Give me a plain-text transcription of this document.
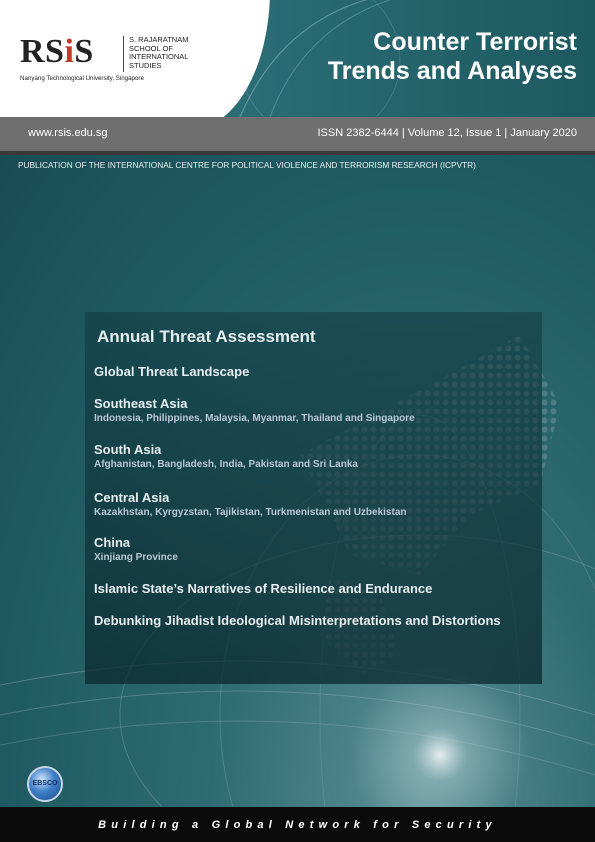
RSiS	S. RAJARATNAM
SCHOOL OF
INTERNATIONAL
STUDIES
Nanyang Technological University, Singapore
Counter Terrorist
Trends and Analyses
www.rsis.edu.sg	ISSN 2382-6444 | Volume 12, Issue 1 | January 2020
PUBLICATION OF THE INTERNATIONAL CENTRE FOR POLITICAL VIOLENCE AND TERRORISM RESEARCH (ICPVTR)
Annual Threat Assessment
Global Threat Landscape
Southeast Asia
Indonesia, Philippines, Malaysia, Myanmar, Thailand and Singapore
South Asia
Afghanistan, Bangladesh, India, Pakistan and Sri Lanka
Central Asia
Kazakhstan, Kyrgyzstan, Tajikistan, Turkmenistan and Uzbekistan
China
Xinjiang Province
Islamic State’s Narratives of Resilience and Endurance
Debunking Jihadist Ideological Misinterpretations and Distortions
EBSCO
Building a Global Network for Security
